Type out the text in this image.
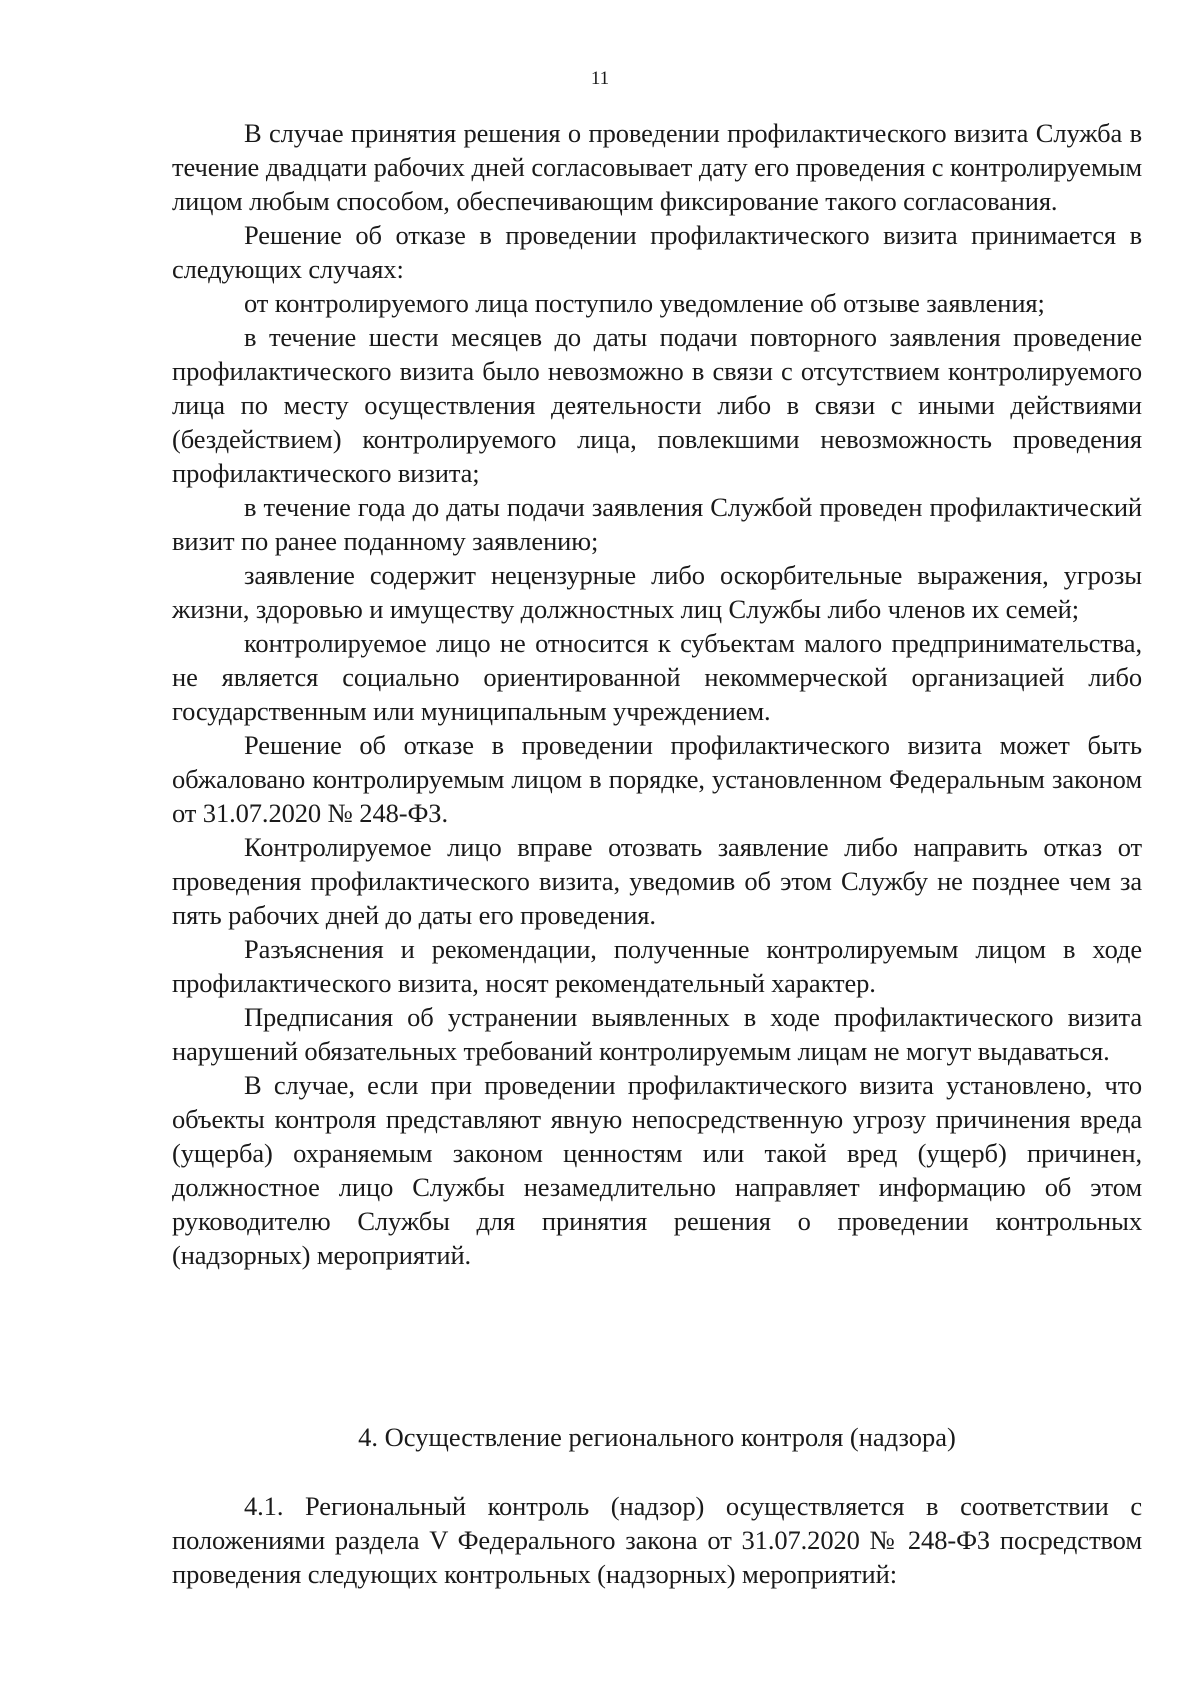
11

В случае принятия решения о проведении профилактического визита Служба в течение двадцати рабочих дней согласовывает дату его проведения с контролируемым лицом любым способом, обеспечивающим фиксирование такого согласования.

Решение об отказе в проведении профилактического визита принимается в следующих случаях:

от контролируемого лица поступило уведомление об отзыве заявления;

в течение шести месяцев до даты подачи повторного заявления проведение профилактического визита было невозможно в связи с отсутствием контролируемого лица по месту осуществления деятельности либо в связи с иными действиями (бездействием) контролируемого лица, повлекшими невозможность проведения профилактического визита;

в течение года до даты подачи заявления Службой проведен профилактический визит по ранее поданному заявлению;

заявление содержит нецензурные либо оскорбительные выражения, угрозы жизни, здоровью и имуществу должностных лиц Службы либо членов их семей;

контролируемое лицо не относится к субъектам малого предпринимательства, не является социально ориентированной некоммерческой организацией либо государственным или муниципальным учреждением.

Решение об отказе в проведении профилактического визита может быть обжаловано контролируемым лицом в порядке, установленном Федеральным законом от 31.07.2020 № 248-ФЗ.

Контролируемое лицо вправе отозвать заявление либо направить отказ от проведения профилактического визита, уведомив об этом Службу не позднее чем за пять рабочих дней до даты его проведения.

Разъяснения и рекомендации, полученные контролируемым лицом в ходе профилактического визита, носят рекомендательный характер.

Предписания об устранении выявленных в ходе профилактического визита нарушений обязательных требований контролируемым лицам не могут выдаваться.

В случае, если при проведении профилактического визита установлено, что объекты контроля представляют явную непосредственную угрозу причинения вреда (ущерба) охраняемым законом ценностям или такой вред (ущерб) причинен, должностное лицо Службы незамедлительно направляет информацию об этом руководителю Службы для принятия решения о проведении контрольных (надзорных) мероприятий.

4. Осуществление регионального контроля (надзора)

4.1. Региональный контроль (надзор) осуществляется в соответствии с положениями раздела V Федерального закона от 31.07.2020 № 248-ФЗ посредством проведения следующих контрольных (надзорных) мероприятий:
